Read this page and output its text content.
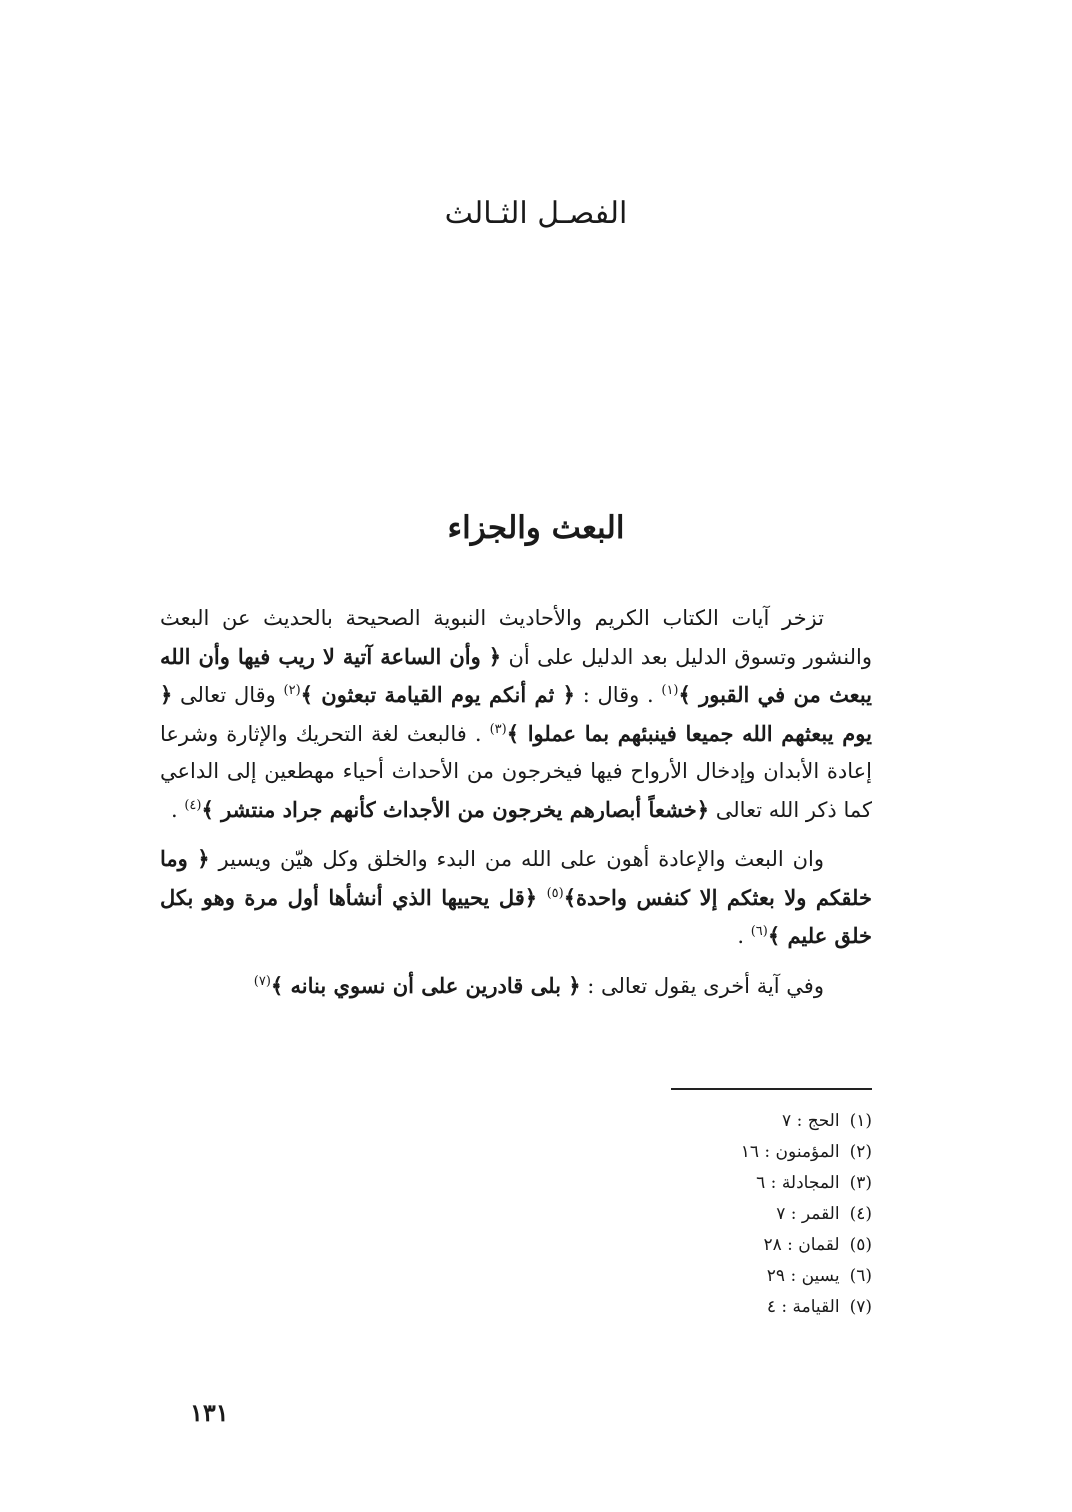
الفصـل الثـالث
البعث والجزاء

تزخر آيات الكتاب الكريم والأحاديث النبوية الصحيحة بالحديث عن البعث والنشور وتسوق الدليل بعد الدليل على أن ﴿ وأن الساعة آتية لا ريب فيها وأن الله يبعث من في القبور ﴾$^{(١)}$ . وقال : ﴿ ثم أنكم يوم القيامة تبعثون ﴾$^{(٢)}$ وقال تعالى ﴿ يوم يبعثهم الله جميعا فينبئهم بما عملوا ﴾$^{(٣)}$ . فالبعث لغة التحريك والإثارة وشرعا إعادة الأبدان وإدخال الأرواح فيها فيخرجون من الأحداث أحياء مهطعين إلى الداعي كما ذكر الله تعالى ﴿خشعاً أبصارهم يخرجون من الأجداث كأنهم جراد منتشر ﴾$^{(٤)}$ .

وان البعث والإعادة أهون على الله من البدء والخلق وكل هيّن ويسير ﴿ وما خلقكم ولا بعثكم إلا كنفس واحدة﴾$^{(٥)}$ ﴿قل يحييها الذي أنشأها أول مرة وهو بكل خلق عليم ﴾$^{(٦)}$ .

وفي آية أخرى يقول تعالى : ﴿ بلى قادرين على أن نسوي بنانه ﴾$^{(٧)}$

(١)الحج : ٧
(٢)المؤمنون : ١٦
(٣)المجادلة : ٦
(٤)القمر : ٧
(٥)لقمان : ٢٨
(٦)يسين : ٢٩
(٧)القيامة : ٤
١٣١
